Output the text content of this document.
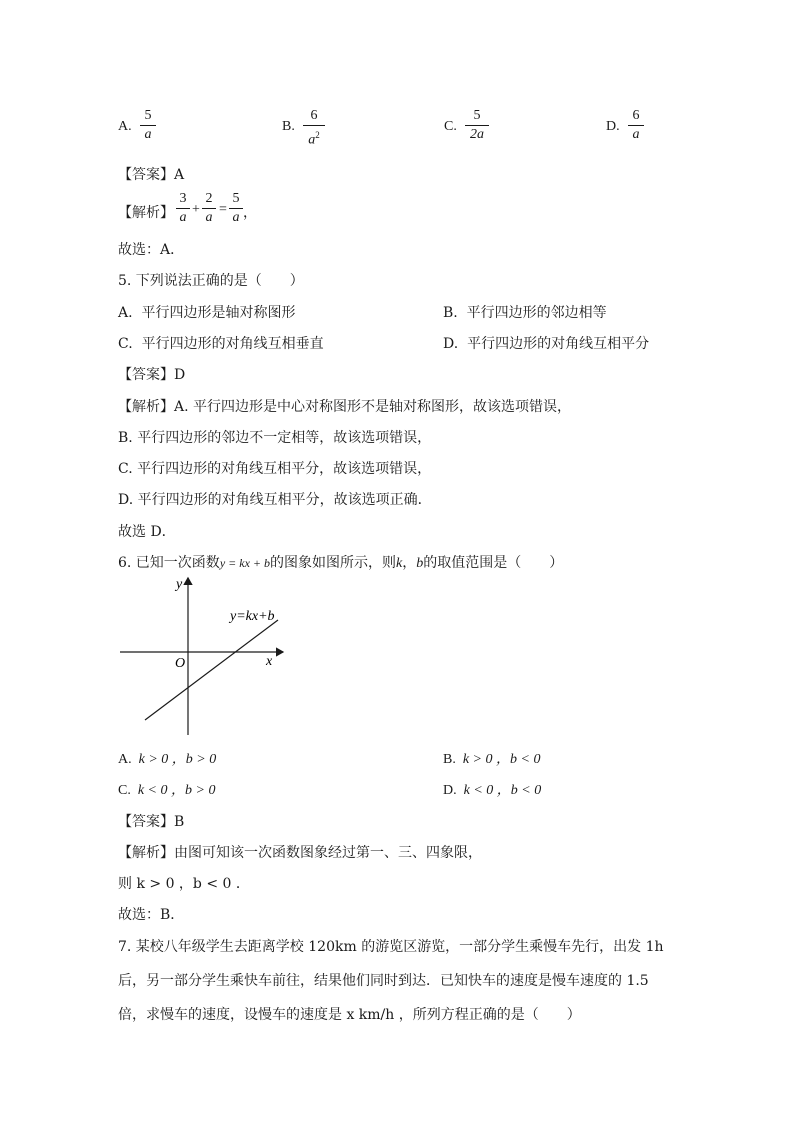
A.
5
a
B.
6
$a^2$
C.
5
2a
D.
6
a
【答案】A
【解析】
3
a
+
2
a
=
5
a ，
故选：A．
5. 下列说法正确的是（　　）
A. 平行四边形是轴对称图形	B. 平行四边形的邻边相等
C. 平行四边形的对角线互相垂直	D. 平行四边形的对角线互相平分
【答案】D
【解析】A. 平行四边形是中心对称图形不是轴对称图形，故该选项错误，
B. 平行四边形的邻边不一定相等，故该选项错误，
C. 平行四边形的对角线互相平分，故该选项错误，
D. 平行四边形的对角线互相平分，故该选项正确．
故选 D．
6. 已知一次函数y = kx + b的图象如图所示，则k，b的取值范围是（　　）
y
x
O
y=kx+b
A. k > 0 ，b > 0	B. k > 0 ，b < 0
C. k < 0 ，b > 0	D. k < 0 ，b < 0
【答案】B
【解析】由图可知该一次函数图象经过第一、三、四象限，
则 k > 0 ，b < 0 ．
故选：B．
7. 某校八年级学生去距离学校 120km 的游览区游览，一部分学生乘慢车先行，出发 1h
后，另一部分学生乘快车前往，结果他们同时到达．已知快车的速度是慢车速度的 1.5
倍，求慢车的速度，设慢车的速度是 x km/h ，所列方程正确的是（　　）
